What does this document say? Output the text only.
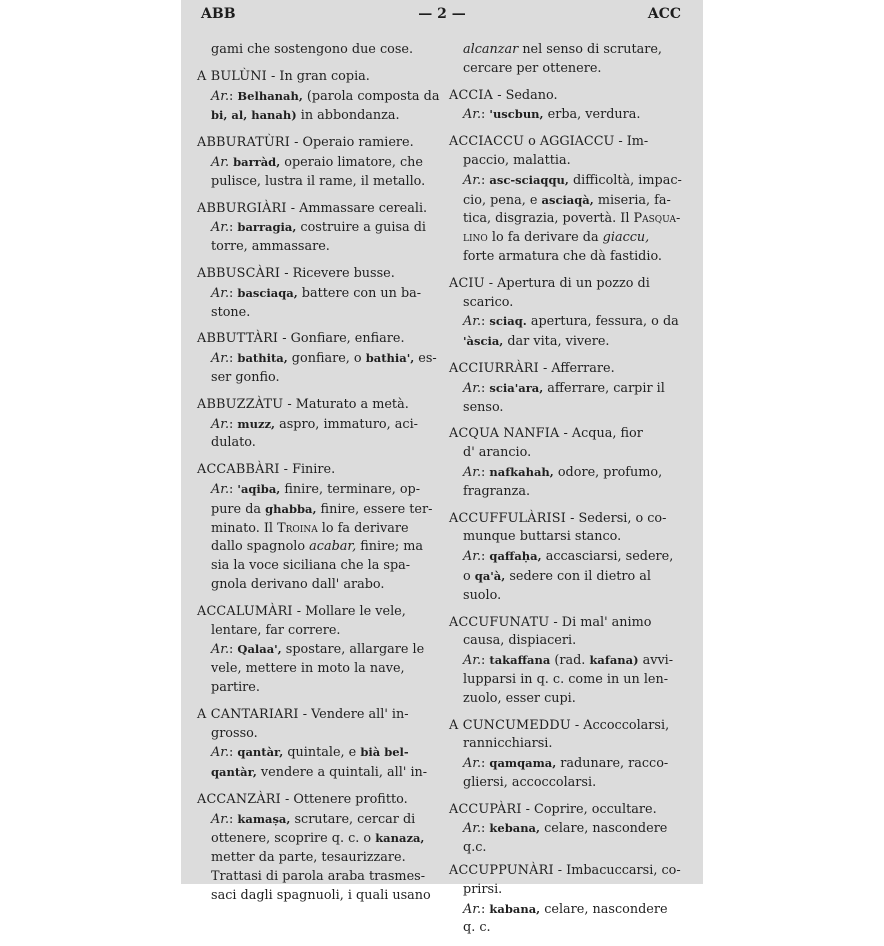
ABB	— 2 —	ACC
gami che sostengono due cose.
A BULÙNI - In gran copia.
Ar.: Belhanah, (parola composta da
bi, al, hanah) in abbondanza.
ABBURATÙRI - Operaio ramiere.
Ar. barràd, operaio limatore, che
pulisce, lustra il rame, il metallo.
ABBURGIÀRI - Ammassare cereali.
Ar.: barragia, costruire a guisa di
torre, ammassare.
ABBUSCÀRI - Ricevere busse.
Ar.: basciaqa, battere con un ba-
stone.
ABBUTTÀRI - Gonfiare, enfiare.
Ar.: bathita, gonfiare, o bathia', es-
ser gonfio.
ABBUZZÀTU - Maturato a metà.
Ar.: muzz, aspro, immaturo, aci-
dulato.
ACCABBÀRI - Finire.
Ar.: 'aqiba, finire, terminare, op-
pure da ghabba, finire, essere ter-
minato. Il Troina lo fa derivare
dallo spagnolo acabar, finire; ma
sia la voce siciliana che la spa-
gnola derivano dall' arabo.
ACCALUMÀRI - Mollare le vele,
lentare, far correre.
Ar.: Qalaa', spostare, allargare le
vele, mettere in moto la nave,
partire.
A CANTARIARI - Vendere all' in-
grosso.
Ar.: qantàr, quintale, e bià bel-
qantàr, vendere a quintali, all' in-
ACCANZÀRI - Ottenere profitto.
Ar.: kamaṣa, scrutare, cercar di
ottenere, scoprire q. c. o kanaza,
metter da parte, tesaurizzare.
Trattasi di parola araba trasmes-
saci dagli spagnuoli, i quali usano
alcanzar nel senso di scrutare,
cercare per ottenere.
ACCIA - Sedano.
Ar.: 'uscbun, erba, verdura.
ACCIACCU o AGGIACCU - Im-
paccio, malattia.
Ar.: asc-sciaqqu, difficoltà, impac-
cio, pena, e asciaqà, miseria, fa-
tica, disgrazia, povertà. Il Pasqua-
lino lo fa derivare da giaccu,
forte armatura che dà fastidio.
ACIU - Apertura di un pozzo di
scarico.
Ar.: sciaq. apertura, fessura, o da
'àscia, dar vita, vivere.
ACCIURRÀRI - Afferrare.
Ar.: scia'ara, afferrare, carpir il
senso.
ACQUA NANFIA - Acqua, fior
d' arancio.
Ar.: nafkahah, odore, profumo,
fragranza.
ACCUFFULÀRISI - Sedersi, o co-
munque buttarsi stanco.
Ar.: qaffaḥa, accasciarsi, sedere,
o qa'à, sedere con il dietro al
suolo.
ACCUFUNATU - Di mal' animo
causa, dispiaceri.
Ar.: takaffana (rad. kafana) avvi-
lupparsi in q. c. come in un len-
zuolo, esser cupi.
A CUNCUMEDDU - Accoccolarsi,
rannicchiarsi.
Ar.: qamqama, radunare, racco-
gliersi, accoccolarsi.
ACCUPÀRI - Coprire, occultare.
Ar.: kebana, celare, nascondere q.c.
ACCUPPUNÀRI - Imbacuccarsi, co-
prirsi.
Ar.: kabana, celare, nascondere
q. c.
